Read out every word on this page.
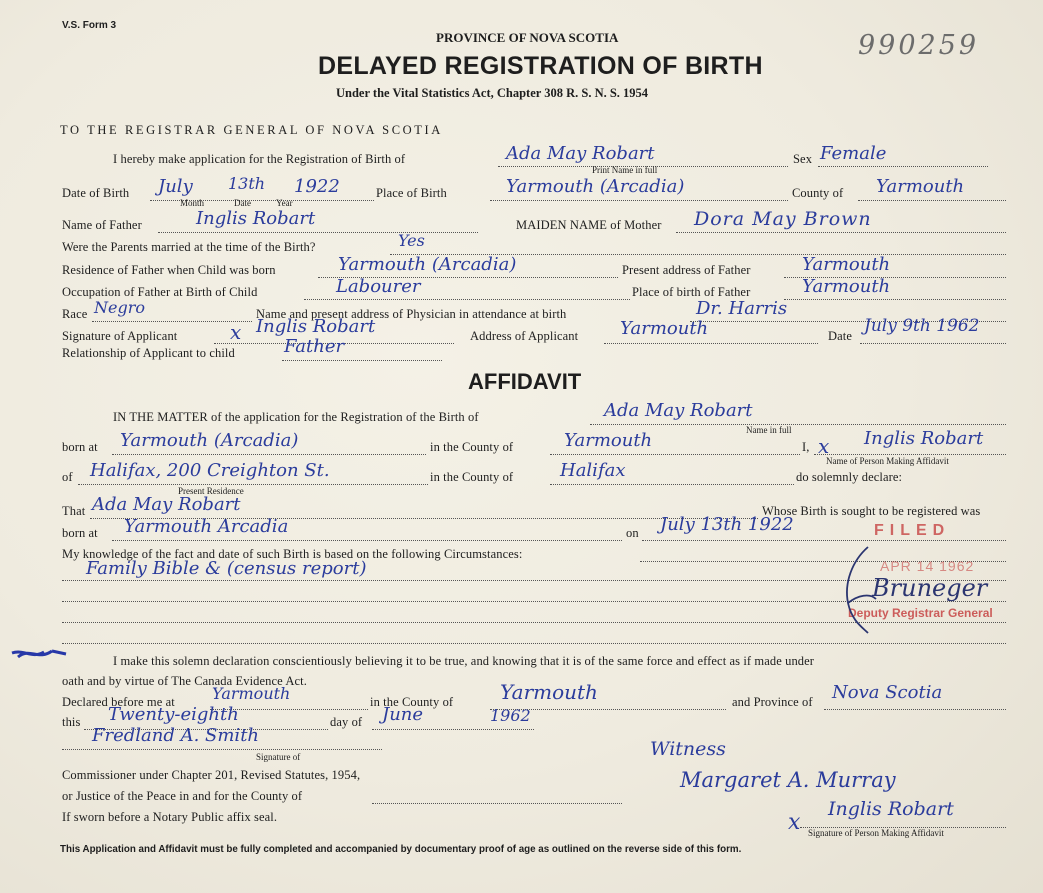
V.S. Form 3
990259
PROVINCE OF NOVA SCOTIA
DELAYED REGISTRATION OF BIRTH
Under the Vital Statistics Act, Chapter 308 R. S. N. S. 1954
TO THE REGISTRAR GENERAL OF NOVA SCOTIA
I hereby make application for the Registration of Birth of	Ada May Robart
Print Name in full
Sex Female
Date of Birth July 13th 1922
Month	Date	Year
Place of Birth	Yarmouth (Arcadia)	County of Yarmouth
Name of Father	Inglis Robart	MAIDEN NAME of Mother Dora May Brown
Were the Parents married at the time of the Birth?	Yes
Residence of Father when Child was born	Yarmouth (Arcadia)	Present address of Father	Yarmouth
Occupation of Father at Birth of Child	Labourer	Place of birth of Father	Yarmouth
Race Negro	Name and present address of Physician in attendance at birth	Dr. Harris
Signature of Applicant	x Inglis Robart	Address of Applicant Yarmouth	Date July 9th 1962
Relationship of Applicant to child	Father
AFFIDAVIT
IN THE MATTER of the application for the Registration of the Birth of	Ada May Robart
Name in full
born at Yarmouth (Arcadia)	in the County of	Yarmouth	I, x Inglis Robart
Name of Person Making Affidavit
of Halifax, 200 Creighton St.
Present Residence
in the County of	Halifax	do solemnly declare:
That Ada May Robart	Whose Birth is sought to be registered was
born at Yarmouth Arcadia	on July 13th 1922
My knowledge of the fact and date of such Birth is based on the following Circumstances:
Family Bible & (census report)
FILED
APR 14 1962
Bruneger
Deputy Registrar General
I make this solemn declaration conscientiously believing it to be true, and knowing that it is of the same force and effect as if made under
oath and by virtue of The Canada Evidence Act.
Declared before me at Yarmouth	in the County of Yarmouth	and Province of Nova Scotia
this Twenty-eighth	day of June	1962
Fredland A. Smith
Signature of
Commissioner under Chapter 201, Revised Statutes, 1954,
or Justice of the Peace in and for the County of
If sworn before a Notary Public affix seal.
Witness
Margaret A. Murray
x
Inglis Robart
Signature of Person Making Affidavit
This Application and Affidavit must be fully completed and accompanied by documentary proof of age as outlined on the reverse side of this form.
